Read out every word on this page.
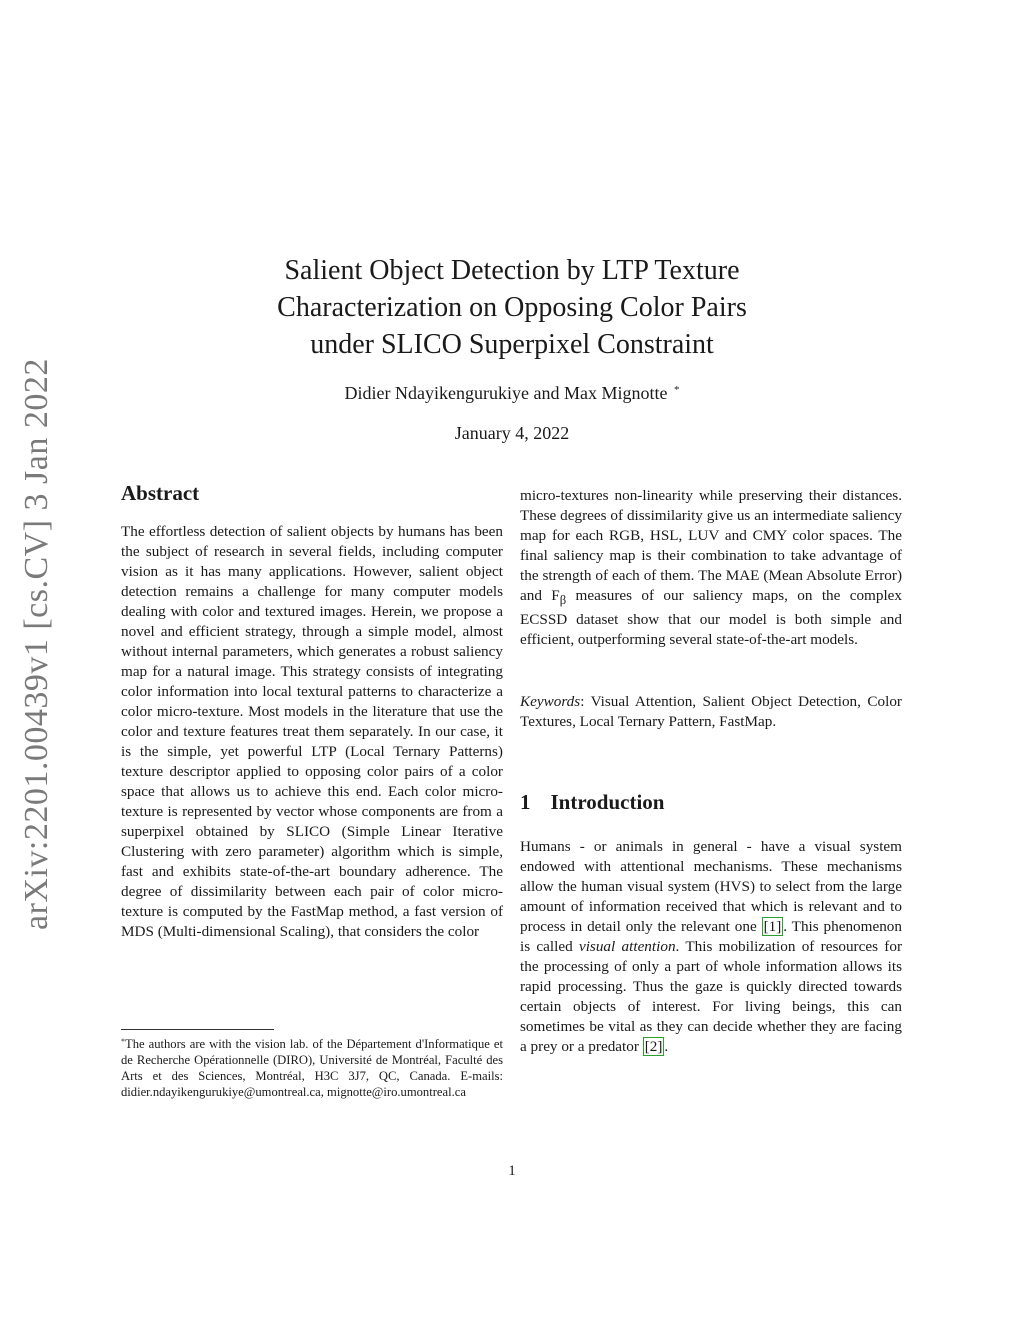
arXiv:2201.00439v1 [cs.CV] 3 Jan 2022
Salient Object Detection by LTP Texture
Characterization on Opposing Color Pairs
under SLICO Superpixel Constraint
Didier Ndayikengurukiye and Max Mignotte *
January 4, 2022
Abstract

The effortless detection of salient objects by humans has been the subject of research in several fields, including computer vision as it has many applications. However, salient object detection remains a challenge for many computer models dealing with color and textured images. Herein, we propose a novel and efficient strategy, through a simple model, almost without internal parameters, which generates a robust saliency map for a natural image. This strategy consists of integrating color information into local textural patterns to characterize a color micro-texture. Most models in the literature that use the color and texture features treat them separately. In our case, it is the simple, yet powerful LTP (Local Ternary Patterns) texture descriptor applied to opposing color pairs of a color space that allows us to achieve this end. Each color micro-texture is represented by vector whose components are from a superpixel obtained by SLICO (Simple Linear Iterative Clustering with zero parameter) algorithm which is simple, fast and exhibits state-of-the-art boundary adherence. The degree of dissimilarity between each pair of color micro-texture is computed by the FastMap method, a fast version of MDS (Multi-dimensional Scaling), that considers the color

*The authors are with the vision lab. of the Département d'Informatique et de Recherche Opérationnelle (DIRO), Université de Montréal, Faculté des Arts et des Sciences, Montréal, H3C 3J7, QC, Canada. E-mails: didier.ndayikengurukiye@umontreal.ca, mignotte@iro.umontreal.ca

micro-textures non-linearity while preserving their distances. These degrees of dissimilarity give us an intermediate saliency map for each RGB, HSL, LUV and CMY color spaces. The final saliency map is their combination to take advantage of the strength of each of them. The MAE (Mean Absolute Error) and $F_\beta$ measures of our saliency maps, on the complex ECSSD dataset show that our model is both simple and efficient, outperforming several state-of-the-art models.

Keywords: Visual Attention, Salient Object Detection, Color Textures, Local Ternary Pattern, FastMap.

1 Introduction

Humans - or animals in general - have a visual system endowed with attentional mechanisms. These mechanisms allow the human visual system (HVS) to select from the large amount of information received that which is relevant and to process in detail only the relevant one [1] . This phenomenon is called visual attention. This mobilization of resources for the processing of only a part of whole information allows its rapid processing. Thus the gaze is quickly directed towards certain objects of interest. For living beings, this can sometimes be vital as they can decide whether they are facing a prey or a predator [2] .

1
